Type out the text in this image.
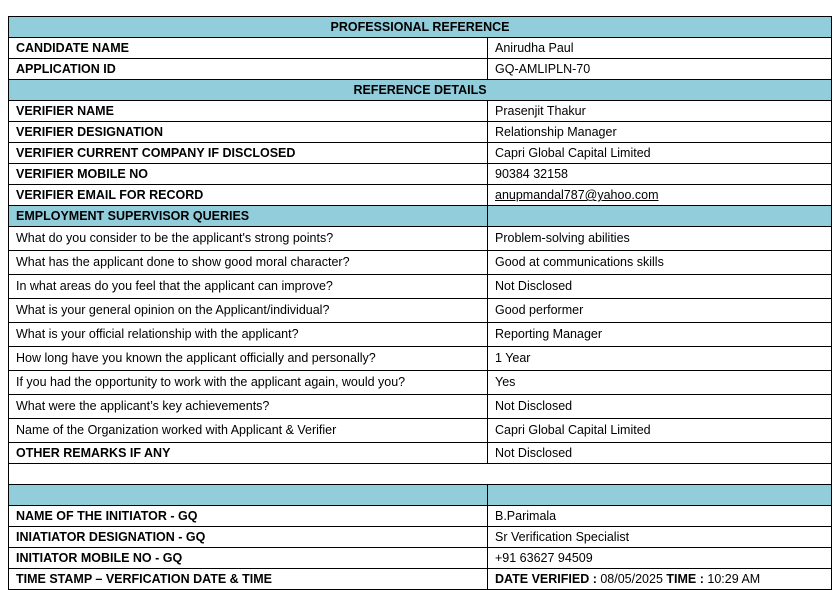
PROFESSIONAL REFERENCE	
CANDIDATE NAME	Anirudha Paul
APPLICATION ID	GQ-AMLIPLN-70
REFERENCE DETAILS	
VERIFIER NAME	Prasenjit Thakur
VERIFIER DESIGNATION	Relationship Manager
VERIFIER CURRENT COMPANY IF DISCLOSED	Capri Global Capital Limited
VERIFIER MOBILE NO	90384 32158
VERIFIER EMAIL FOR RECORD	anupmandal787@yahoo.com
EMPLOYMENT SUPERVISOR QUERIES	
What do you consider to be the applicant's strong points?	Problem-solving abilities
What has the applicant done to show good moral character?	Good at communications skills
In what areas do you feel that the applicant can improve?	Not Disclosed
What is your general opinion on the Applicant/individual?	Good performer
What is your official relationship with the applicant?	Reporting Manager
How long have you known the applicant officially and personally?	1 Year
If you had the opportunity to work with the applicant again, would you?	Yes
What were the applicant’s key achievements?	Not Disclosed
Name of the Organization worked with Applicant & Verifier	Capri Global Capital Limited
OTHER REMARKS IF ANY	Not Disclosed

NAME OF THE INITIATOR - GQ	B.Parimala
INIATIATOR DESIGNATION - GQ	Sr Verification Specialist
INITIATOR MOBILE NO - GQ	+91 63627 94509
TIME STAMP – VERFICATION DATE & TIME	DATE VERIFIED : 08/05/2025 TIME : 10:29 AM
